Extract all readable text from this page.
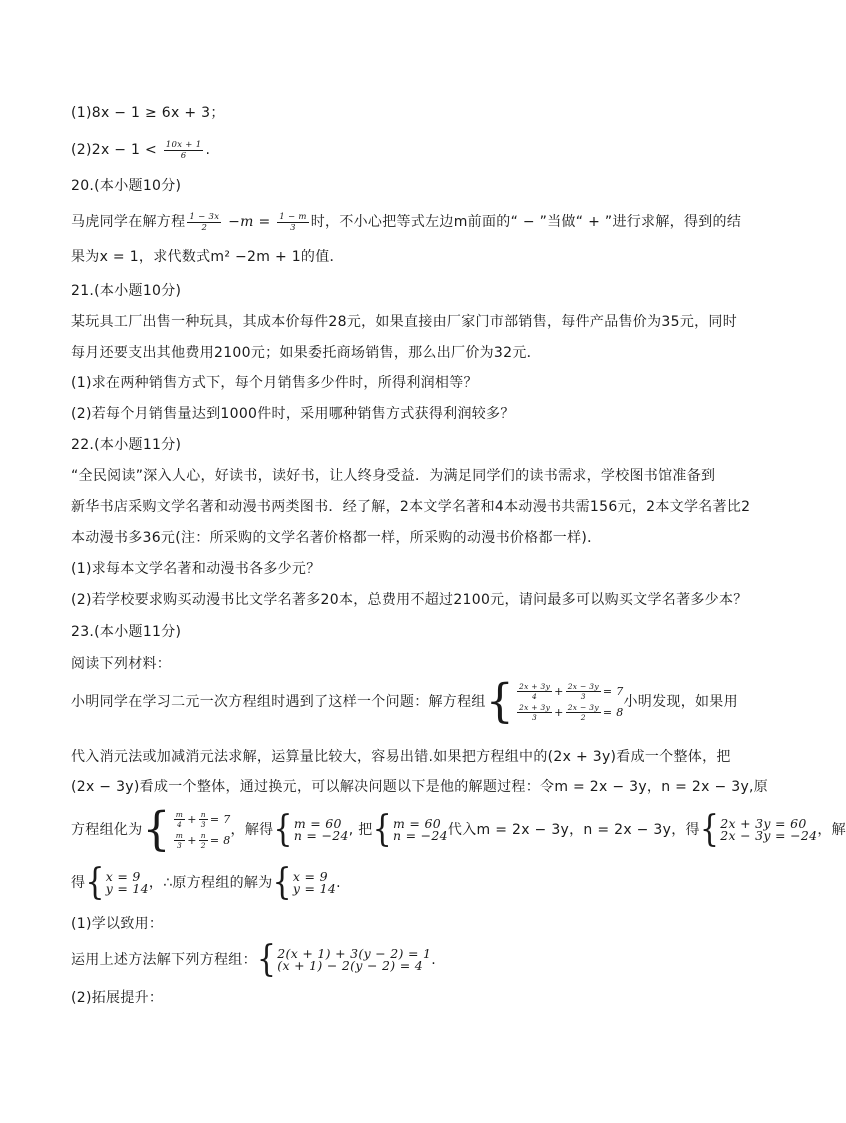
(1)8x − 1 ≥ 6x + 3；
$(2)2x - 1 < \frac{10x + 1}{6}$ .
20.(本小题10分)
马虎同学在解方程 $\frac{1 - 3x}{2} -m = \frac{1 - m}{3}$ 时，不小心把等式左边m前面的“ − ”当做“ + ”进行求解，得到的结
果为x = 1，求代数式m² −2m + 1的值．
21.(本小题10分)
某玩具工厂出售一种玩具，其成本价每件28元，如果直接由厂家门市部销售，每件产品售价为35元，同时
每月还要支出其他费用2100元；如果委托商场销售，那么出厂价为32元．
(1)求在两种销售方式下，每个月销售多少件时，所得利润相等？
(2)若每个月销售量达到1000件时，采用哪种销售方式获得利润较多？
22.(本小题11分)
“全民阅读”深入人心，好读书，读好书，让人终身受益．为满足同学们的读书需求，学校图书馆准备到
新华书店采购文学名著和动漫书两类图书．经了解，2本文学名著和4本动漫书共需156元，2本文学名著比2
本动漫书多36元(注：所采购的文学名著价格都一样，所采购的动漫书价格都一样)．
(1)求每本文学名著和动漫书各多少元？
(2)若学校要求购买动漫书比文学名著多20本，总费用不超过2100元，请问最多可以购买文学名著多少本？
23.(本小题11分)
阅读下列材料：
小明同学在学习二元一次方程组时遇到了这样一个问题：解方程组 { $\frac{2x + 3y}{4} + \frac{2x - 3y}{3} = 7$
$\frac{2x + 3y}{3} + \frac{2x - 3y}{2} = 8$
小明发现，如果用
代入消元法或加减消元法求解，运算量比较大，容易出错.如果把方程组中的(2x + 3y)看成一个整体，把
(2x − 3y)看成一个整体，通过换元，可以解决问题以下是他的解题过程：令m = 2x − 3y，n = 2x − 3y,原
方程组化为 { $\frac{m}{4} + \frac{n}{3} = 7$
$\frac{m}{3} + \frac{n}{2} = 8$
，解得 { m = 60
n = −24 , 把 { m = 60
n = −24 代入m = 2x − 3y，n = 2x − 3y，得 { 2x + 3y = 60
2x − 3y = −24 ，解
得 { x = 9
y = 14 ，∴原方程组的解为 { x = 9
y = 14 .
(1)学以致用：
运用上述方法解下列方程组： { 2(x + 1) + 3(y − 2) = 1
(x + 1) − 2(y − 2) = 4 .
(2)拓展提升：
